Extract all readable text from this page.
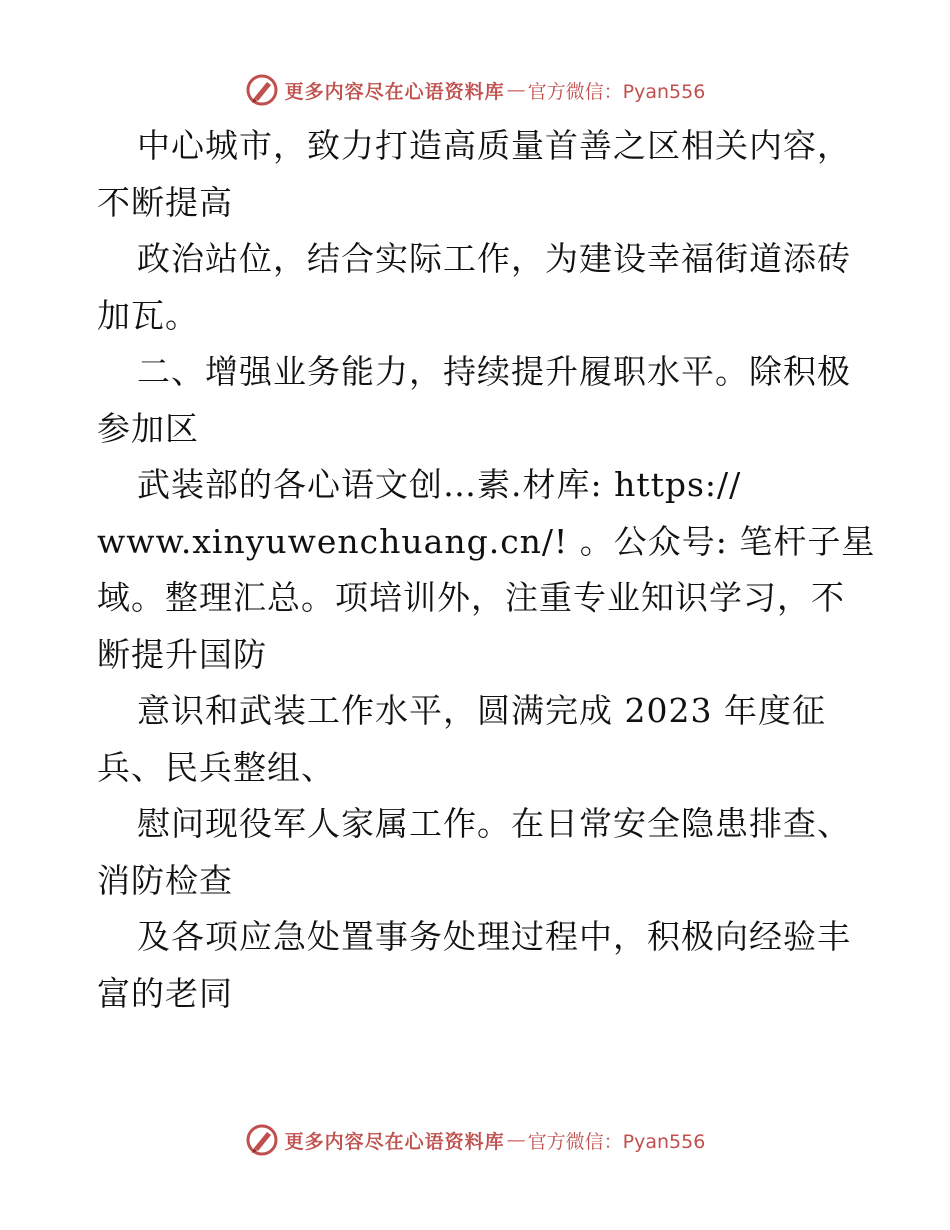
更多内容尽在心语资料库 — 官方微信：Pyan556
中心城市，致力打造高质量首善之区相关内容，
不断提高
政治站位，结合实际工作，为建设幸福街道添砖
加瓦。
二、增强业务能力，持续提升履职水平。除积极
参加区
武装部的各心语文创…素.材库: https://
www.xinyuwenchuang.cn/! 。公众号: 笔杆子星
域。整理汇总。项培训外，注重专业知识学习，不
断提升国防
意识和武装工作水平，圆满完成 2023 年度征
兵、民兵整组、
慰问现役军人家属工作。在日常安全隐患排查、
消防检查
及各项应急处置事务处理过程中，积极向经验丰
富的老同
更多内容尽在心语资料库 — 官方微信：Pyan556
